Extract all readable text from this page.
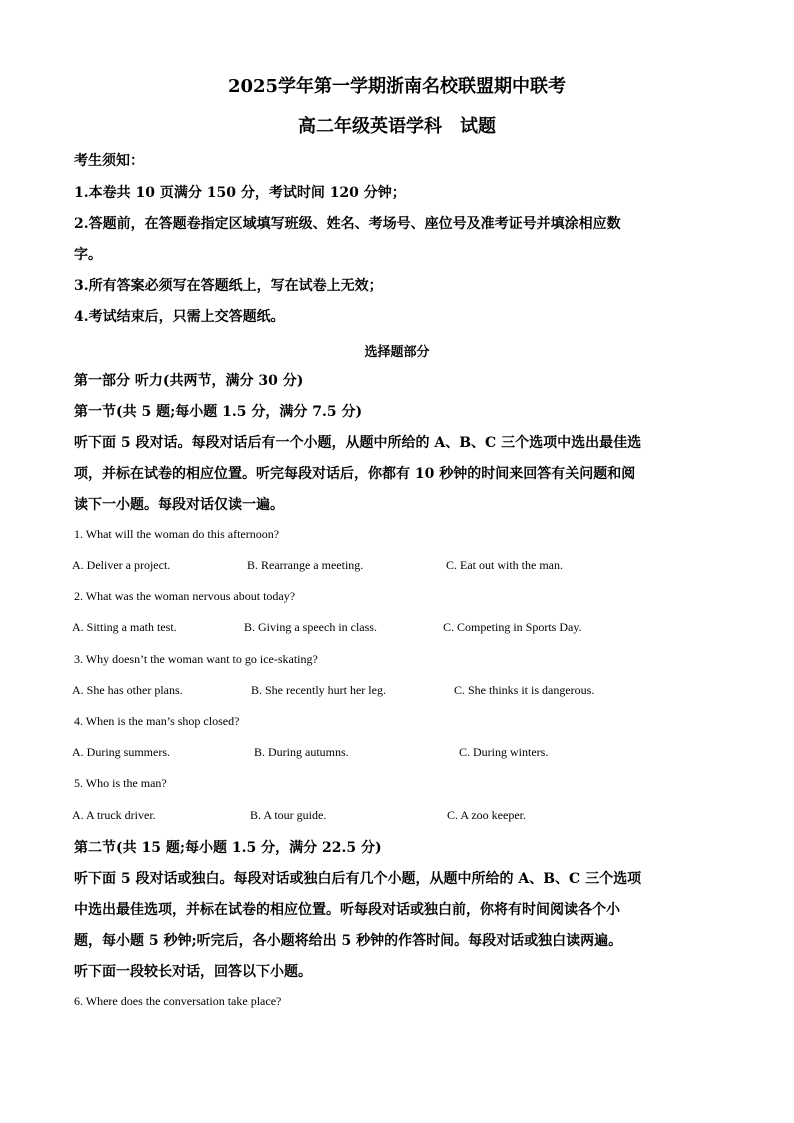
2025学年第一学期浙南名校联盟期中联考
高二年级英语学科 试题
考生须知：
1.本卷共 10 页满分 150 分，考试时间 120 分钟；
2.答题前，在答题卷指定区域填写班级、姓名、考场号、座位号及准考证号并填涂相应数
字。
3.所有答案必须写在答题纸上，写在试卷上无效；
4.考试结束后，只需上交答题纸。
选择题部分
第一部分 听力(共两节，满分 30 分)
第一节(共 5 题;每小题 1.5 分，满分 7.5 分)
听下面 5 段对话。每段对话后有一个小题，从题中所给的 A、B、C 三个选项中选出最佳选
项，并标在试卷的相应位置。听完每段对话后，你都有 10 秒钟的时间来回答有关问题和阅
读下一小题。每段对话仅读一遍。
1. What will the woman do this afternoon?
A. Deliver a project.	B. Rearrange a meeting.	C. Eat out with the man.
2. What was the woman nervous about today?
A. Sitting a math test.	B. Giving a speech in class.	C. Competing in Sports Day.
3. Why doesn’t the woman want to go ice-skating?
A. She has other plans.	B. She recently hurt her leg.	C. She thinks it is dangerous.
4. When is the man’s shop closed?
A. During summers.	B. During autumns.	C. During winters.
5. Who is the man?
A. A truck driver.	B. A tour guide.	C. A zoo keeper.
第二节(共 15 题;每小题 1.5 分，满分 22.5 分)
听下面 5 段对话或独白。每段对话或独白后有几个小题，从题中所给的 A、B、C 三个选项
中选出最佳选项，并标在试卷的相应位置。听每段对话或独白前，你将有时间阅读各个小
题，每小题 5 秒钟;听完后，各小题将给出 5 秒钟的作答时间。每段对话或独白读两遍。
听下面一段较长对话，回答以下小题。
6. Where does the conversation take place?
